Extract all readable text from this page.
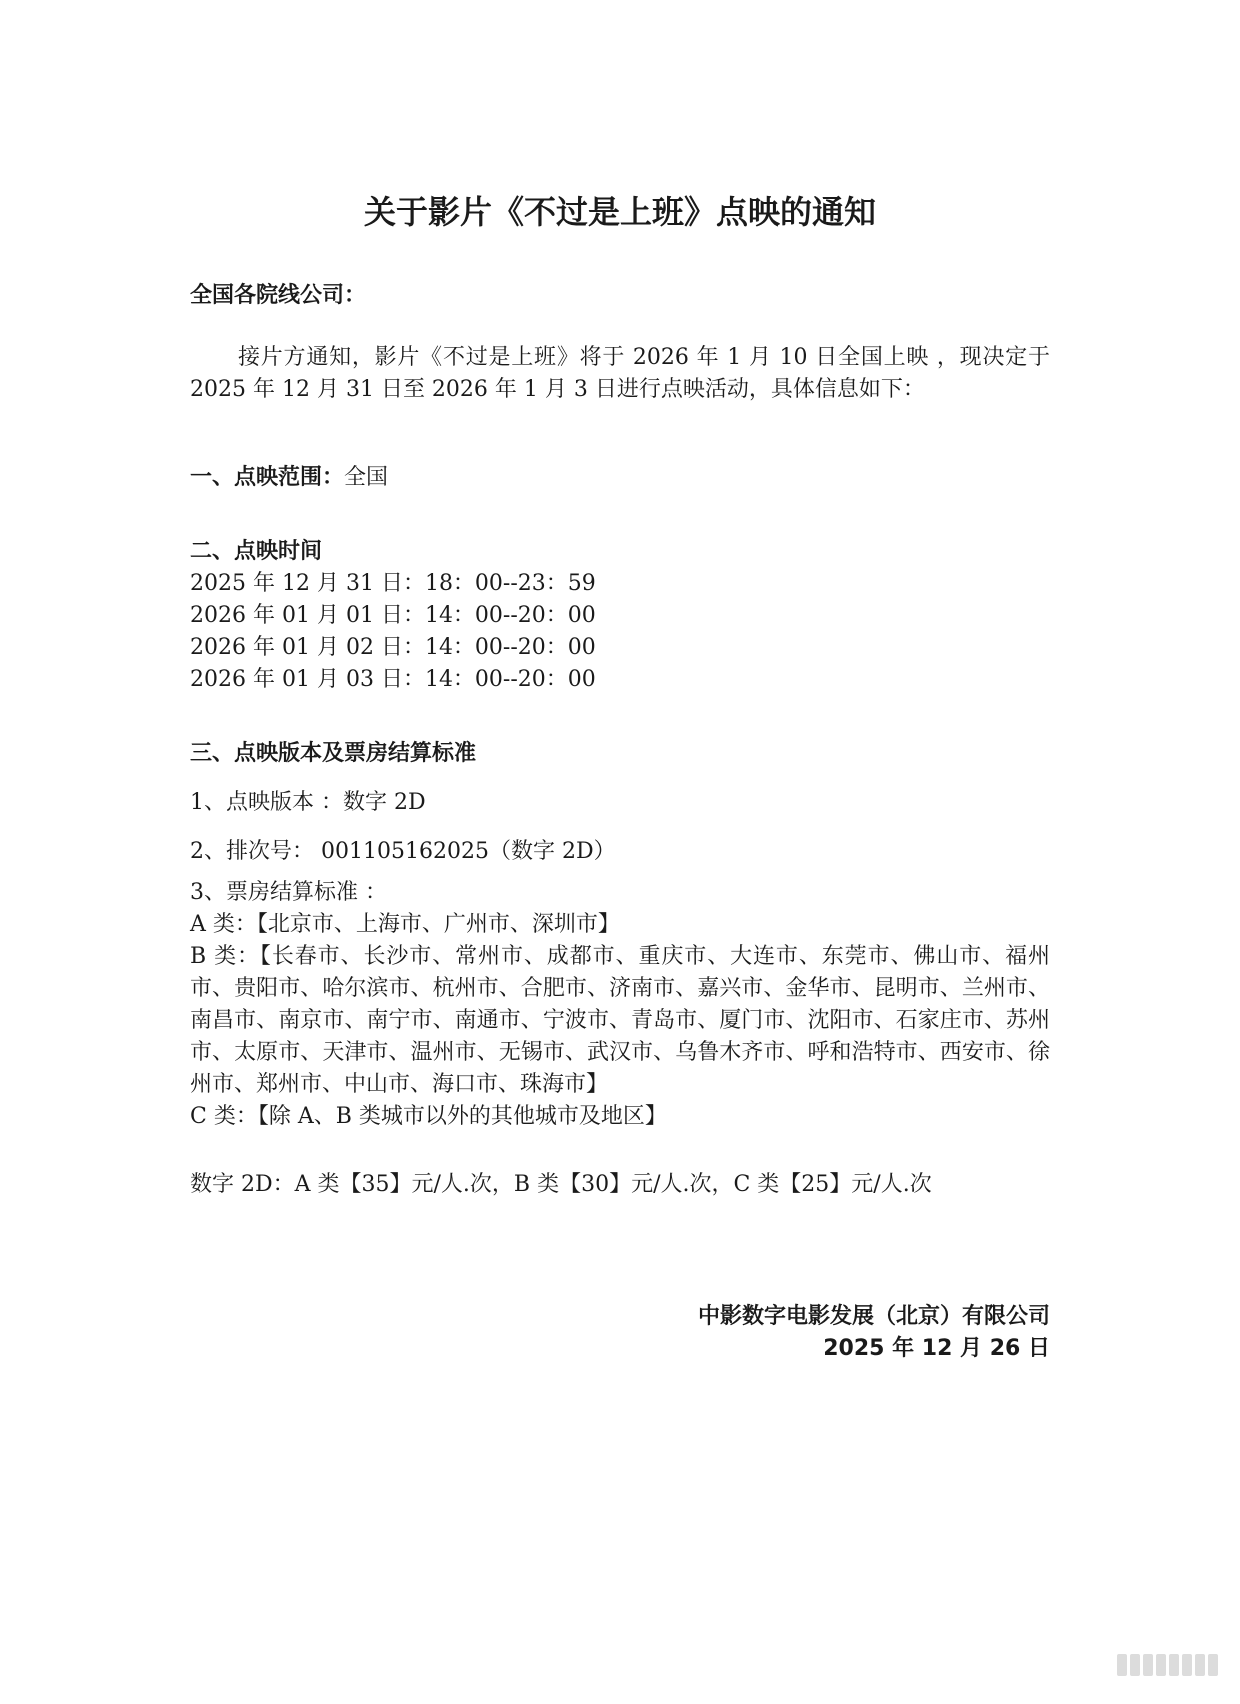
关于影片《不过是上班》点映的通知
全国各院线公司：
接片方通知，影片《不过是上班》将于 2026 年 1 月 10 日全国上映 ，现决定于 2025 年 12 月 31 日至 2026 年 1 月 3 日进行点映活动，具体信息如下：
一、点映范围：全国
二、点映时间
2025 年 12 月 31 日：18：00--23：59
2026 年 01 月 01 日：14：00--20：00
2026 年 01 月 02 日：14：00--20：00
2026 年 01 月 03 日：14：00--20：00
三、点映版本及票房结算标准
1、点映版本 ：数字 2D
2、排次号： 001105162025（数字 2D）
3、票房结算标准 ：
A 类：【北京市、上海市、广州市、深圳市】
B 类：【长春市、长沙市、常州市、成都市、重庆市、大连市、东莞市、佛山市、福州市、贵阳市、哈尔滨市、杭州市、合肥市、济南市、嘉兴市、金华市、昆明市、兰州市、南昌市、南京市、南宁市、南通市、宁波市、青岛市、厦门市、沈阳市、石家庄市、苏州市、太原市、天津市、温州市、无锡市、武汉市、乌鲁木齐市、呼和浩特市、西安市、徐州市、郑州市、中山市、海口市、珠海市】
C 类：【除 A、B 类城市以外的其他城市及地区】
数字 2D：A 类【35】元/人.次，B 类【30】元/人.次，C 类【25】元/人.次
中影数字电影发展（北京）有限公司
2025 年 12 月 26 日
